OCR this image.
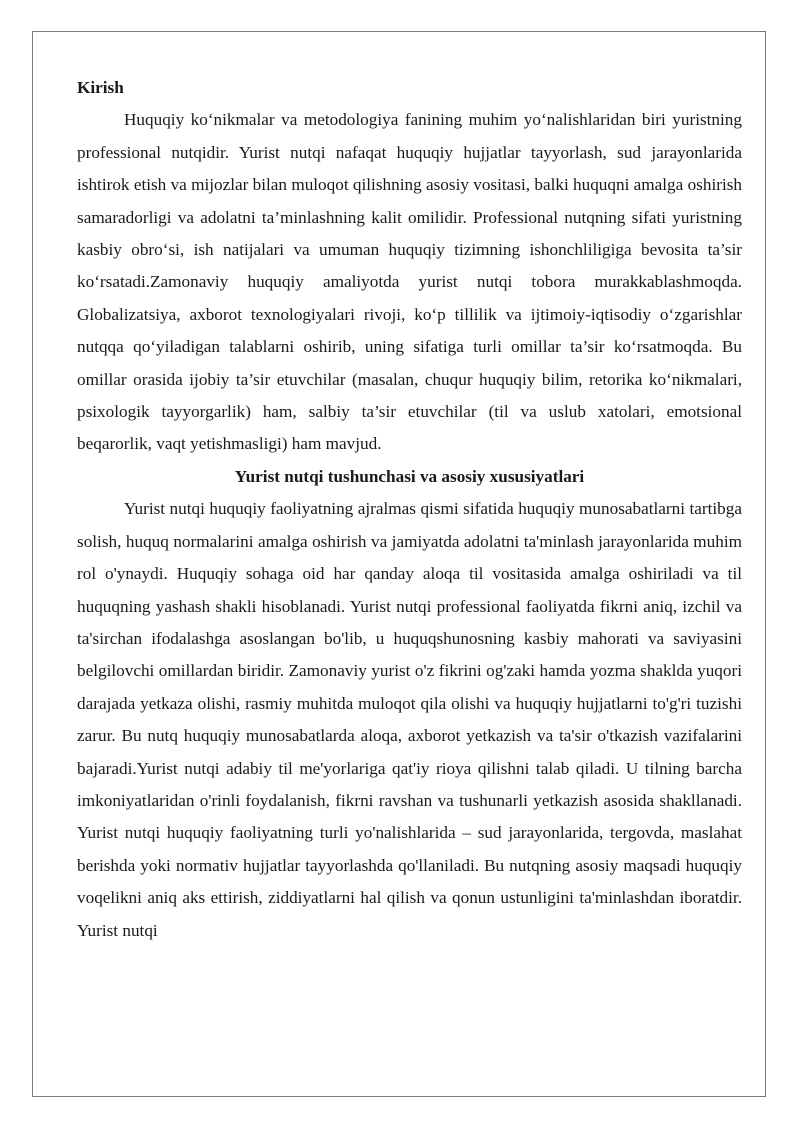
Kirish

Huquqiy ko‘nikmalar va metodologiya fanining muhim yo‘nalishlaridan biri yuristning professional nutqidir. Yurist nutqi nafaqat huquqiy hujjatlar tayyorlash, sud jarayonlarida ishtirok etish va mijozlar bilan muloqot qilishning asosiy vositasi, balki huquqni amalga oshirish samaradorligi va adolatni ta’minlashning kalit omilidir. Professional nutqning sifati yuristning kasbiy obro‘si, ish natijalari va umuman huquqiy tizimning ishonchliligiga bevosita ta’sir ko‘rsatadi.Zamonaviy huquqiy amaliyotda yurist nutqi tobora murakkablashmoqda. Globalizatsiya, axborot texnologiyalari rivoji, ko‘p tillilik va ijtimoiy-iqtisodiy o‘zgarishlar nutqqa qo‘yiladigan talablarni oshirib, uning sifatiga turli omillar ta’sir ko‘rsatmoqda. Bu omillar orasida ijobiy ta’sir etuvchilar (masalan, chuqur huquqiy bilim, retorika ko‘nikmalari, psixologik tayyorgarlik) ham, salbiy ta’sir etuvchilar (til va uslub xatolari, emotsional beqarorlik, vaqt yetishmasligi) ham mavjud.

Yurist nutqi tushunchasi va asosiy xususiyatlari

Yurist nutqi huquqiy faoliyatning ajralmas qismi sifatida huquqiy munosabatlarni tartibga solish, huquq normalarini amalga oshirish va jamiyatda adolatni ta'minlash jarayonlarida muhim rol o'ynaydi. Huquqiy sohaga oid har qanday aloqa til vositasida amalga oshiriladi va til huquqning yashash shakli hisoblanadi. Yurist nutqi professional faoliyatda fikrni aniq, izchil va ta'sirchan ifodalashga asoslangan bo'lib, u huquqshunosning kasbiy mahorati va saviyasini belgilovchi omillardan biridir. Zamonaviy yurist o'z fikrini og'zaki hamda yozma shaklda yuqori darajada yetkaza olishi, rasmiy muhitda muloqot qila olishi va huquqiy hujjatlarni to'g'ri tuzishi zarur. Bu nutq huquqiy munosabatlarda aloqa, axborot yetkazish va ta'sir o'tkazish vazifalarini bajaradi.Yurist nutqi adabiy til me'yorlariga qat'iy rioya qilishni talab qiladi. U tilning barcha imkoniyatlaridan o'rinli foydalanish, fikrni ravshan va tushunarli yetkazish asosida shakllanadi. Yurist nutqi huquqiy faoliyatning turli yo'nalishlarida – sud jarayonlarida, tergovda, maslahat berishda yoki normativ hujjatlar tayyorlashda qo'llaniladi. Bu nutqning asosiy maqsadi huquqiy voqelikni aniq aks ettirish, ziddiyatlarni hal qilish va qonun ustunligini ta'minlashdan iboratdir. Yurist nutqi
